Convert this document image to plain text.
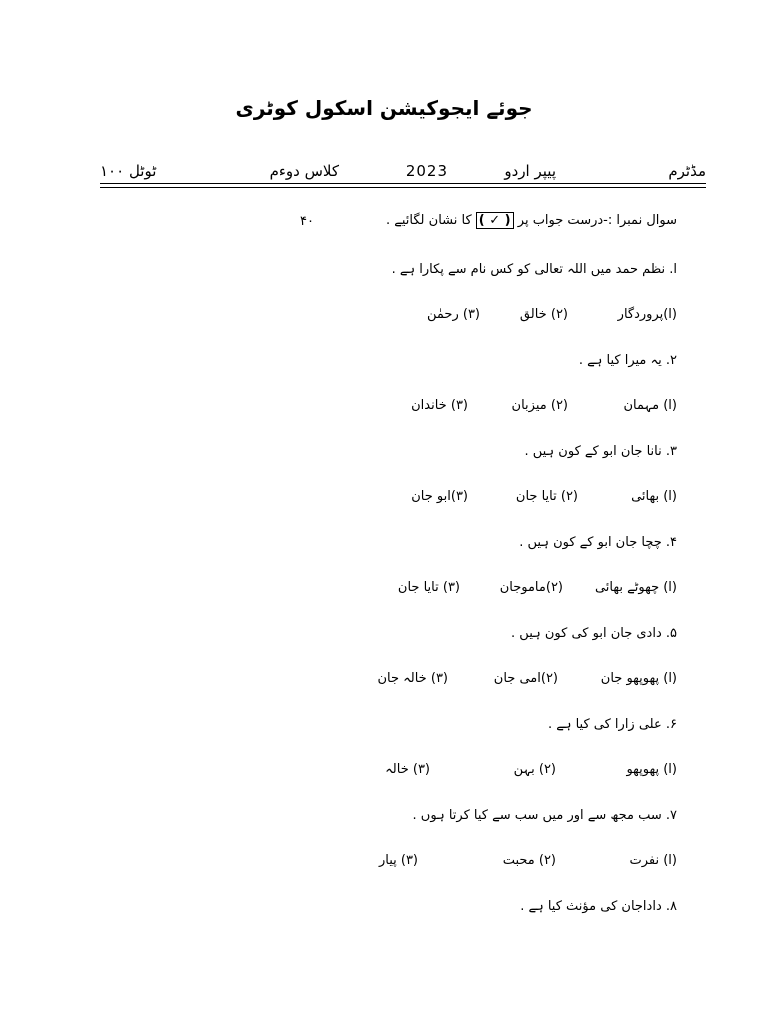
جوئے ایجوکیشن اسکول کوٹری
مڈٹرم
پیپر اردو
2023
کلاس دوءم
ٹوٹل ۱۰۰
سوال نمبرا :-درست جواب پر ( ✓ ) کا نشان لگائیے .
۴۰
ا. نظم حمد میں اللہ تعالی کو کس نام سے پکارا ہے .
(ا)پروردگار
(۲) خالق
(۳) رحمٰن
۲. یہ میرا کیا ہے .
(ا) مہمان
(۲) میزبان
(۳) خاندان
۳. نانا جان ابو کے کون ہیں .
(ا) بھائی
(۲) تایا جان
(۳)ابو جان
۴. چچا جان ابو کے کون ہیں .
(ا) چھوٹے بھائی
(۲)ماموجان
(۳) تایا جان
۵. دادی جان ابو کی کون ہیں .
(ا) پھوپھو جان
(۲)امی جان
(۳) خالہ جان
۶. علی زارا کی کیا ہے .
(ا) پھوپھو
(۲) بہن
(۳) خالہ
۷. سب مجھ سے اور میں سب سے کیا کرتا ہوں .
(ا) نفرت
(۲) محبت
(۳) پیار
۸. داداجان کی مؤنث کیا ہے .
